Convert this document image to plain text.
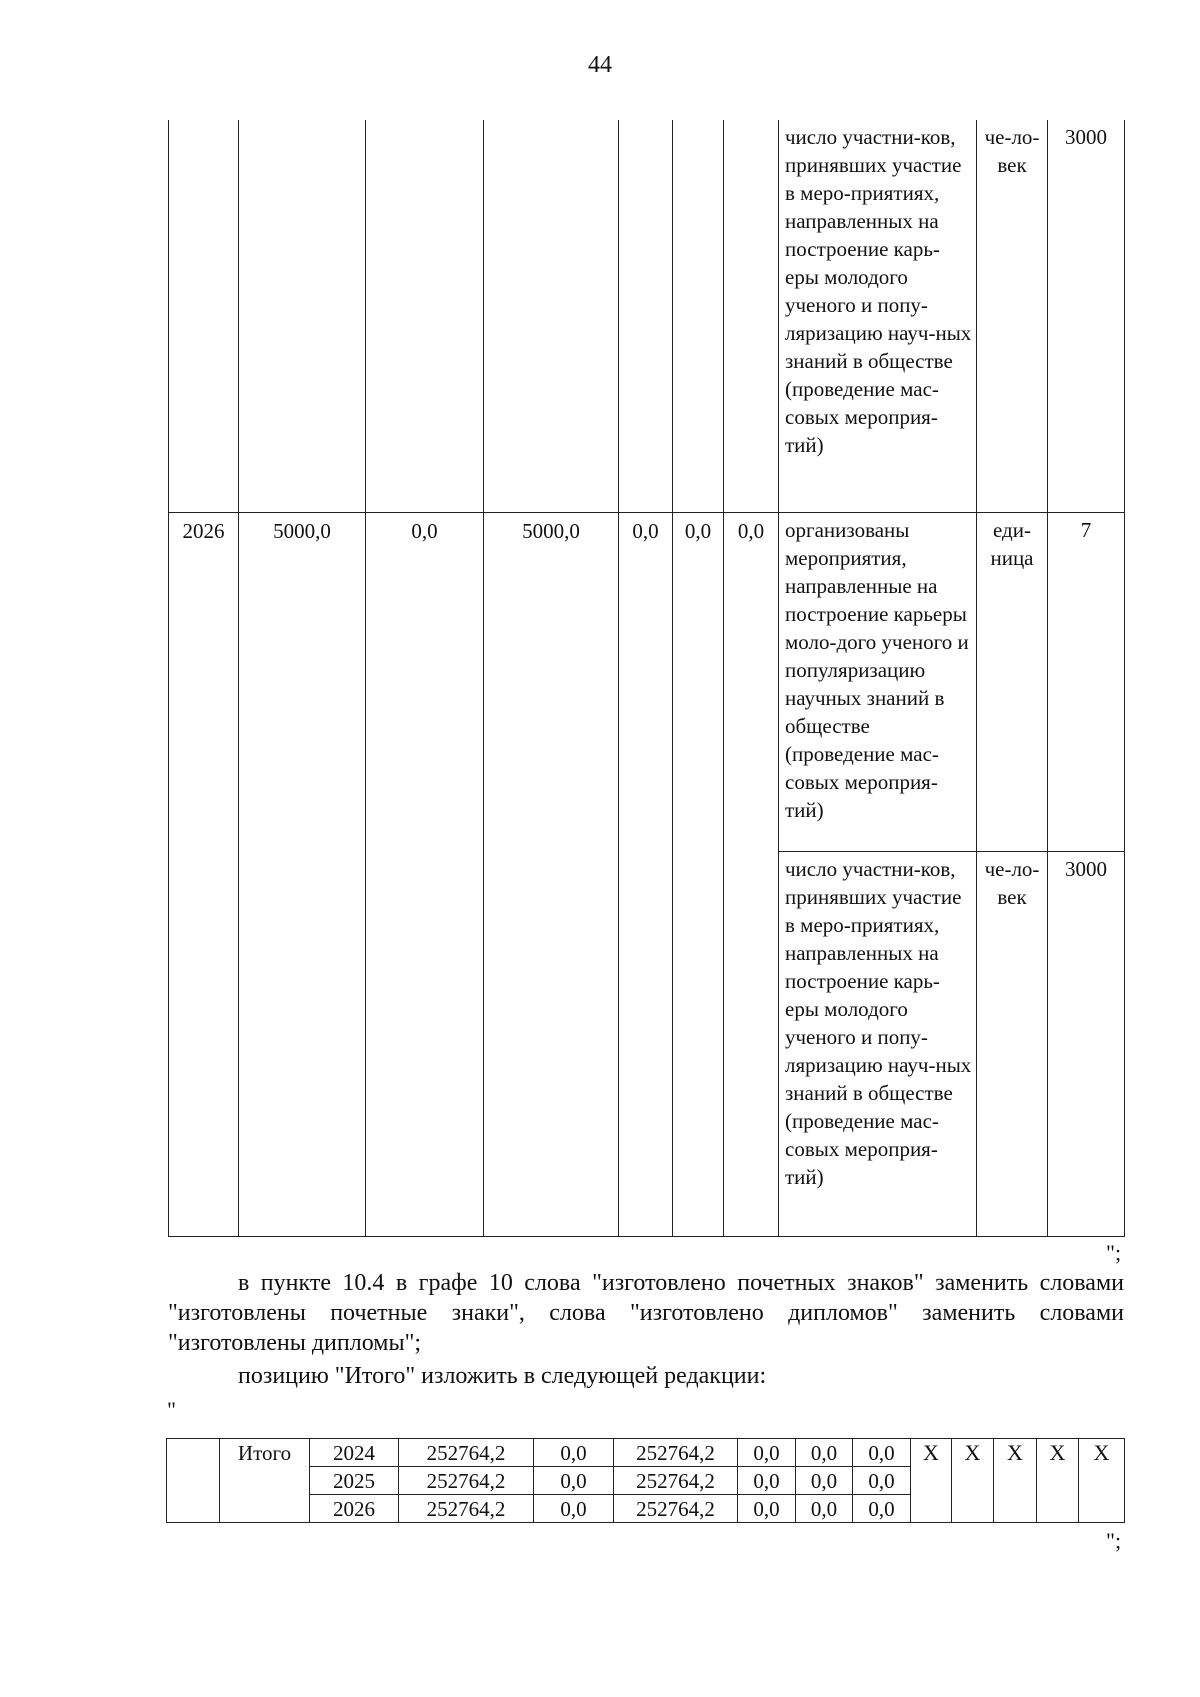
44
							число участни-ков, принявших участие в меро-приятиях, направленных на построение карь-еры молодого ученого и попу-ляризацию науч-ных знаний в обществе (проведение мас-совых мероприя-тий)	че-ло-век	3000
2026	5000,0	0,0	5000,0	0,0	0,0	0,0	организованы мероприятия, направленные на построение карьеры моло-дого ученого и популяризацию научных знаний в обществе (проведение мас-совых мероприя-тий)	еди-ница	7
							число участни-ков, принявших участие в меро-приятиях, направленных на построение карь-еры молодого ученого и попу-ляризацию науч-ных знаний в обществе (проведение мас-совых мероприя-тий)	че-ло-век	3000
";
в пункте 10.4 в графе 10 слова "изготовлено почетных знаков" заменить словами "изготовлены почетные знаки", слова "изготовлено дипломов" заменить словами "изготовлены дипломы";
позицию "Итого" изложить в следующей редакции:
"
	Итого	2024	252764,2	0,0	252764,2	0,0	0,0	0,0	X	X	X	X	X
		2025	252764,2	0,0	252764,2	0,0	0,0	0,0					
		2026	252764,2	0,0	252764,2	0,0	0,0	0,0					
";
